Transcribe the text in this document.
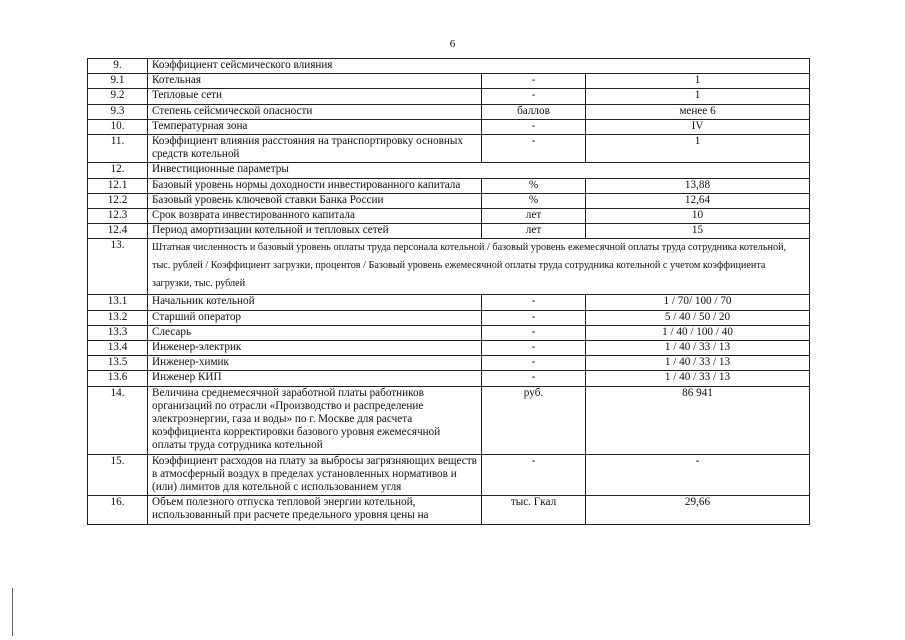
6
9.	Коэффициент сейсмического влияния		
9.1	Котельная	-	1
9.2	Тепловые сети	-	1
9.3	Степень сейсмической опасности	баллов	менее 6
10.	Температурная зона	-	IV
11.	Коэффициент влияния расстояния на транспортировку основных средств котельной	-	1
12.	Инвестиционные параметры		
12.1	Базовый уровень нормы доходности инвестированного капитала	%	13,88
12.2	Базовый уровень ключевой ставки Банка России	%	12,64
12.3	Срок возврата инвестированного капитала	лет	10
12.4	Период амортизации котельной и тепловых сетей	лет	15
13.	Штатная численность и базовый уровень оплаты труда персонала котельной / базовый уровень ежемесячной оплаты труда сотрудника котельной, тыс. рублей / Коэффициент загрузки, процентов / Базовый уровень ежемесячной оплаты труда сотрудника котельной с учетом коэффициента загрузки, тыс. рублей		
13.1	Начальник котельной	-	1 / 70/ 100 / 70
13.2	Старший оператор	-	5 / 40 / 50 / 20
13.3	Слесарь	-	1 / 40 / 100 / 40
13.4	Инженер-электрик	-	1 / 40 / 33 / 13
13.5	Инженер-химик	-	1 / 40 / 33 / 13
13.6	Инженер КИП	-	1 / 40 / 33 / 13
14.	Величина среднемесячной заработной платы работников организаций по отрасли «Производство и распределение электроэнергии, газа и воды» по г. Москве для расчета коэффициента корректировки базового уровня ежемесячной оплаты труда сотрудника котельной	руб.	86 941
15.	Коэффициент расходов на плату за выбросы загрязняющих веществ в атмосферный воздух в пределах установленных нормативов и (или) лимитов для котельной с использованием угля	-	-
16.	Объем полезного отпуска тепловой энергии котельной, использованный при расчете предельного уровня цены на	тыс. Гкал	29,66
